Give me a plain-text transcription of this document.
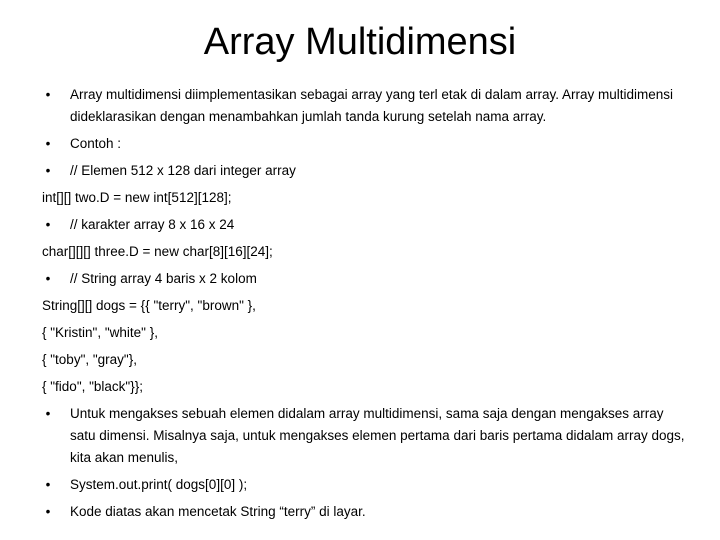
Array Multidimensi
• Array multidimensi diimplementasikan sebagai array yang terl etak di dalam array. Array multidimensi dideklarasikan dengan menambahkan jumlah tanda kurung setelah nama array.
• Contoh :
• // Elemen 512 x 128 dari integer array
int[][] two.D = new int[512][128];
• // karakter array 8 x 16 x 24
char[][][] three.D = new char[8][16][24];
• // String array 4 baris x 2 kolom
String[][] dogs = {{ "terry", "brown" },
{ "Kristin", "white" },
{ "toby", "gray"},
{ "fido", "black"}};
• Untuk mengakses sebuah elemen didalam array multidimensi, sama saja dengan mengakses array satu dimensi. Misalnya saja, untuk mengakses elemen pertama dari baris pertama didalam array dogs, kita akan menulis,
• System.out.print( dogs[0][0] );
• Kode diatas akan mencetak String “terry” di layar.
